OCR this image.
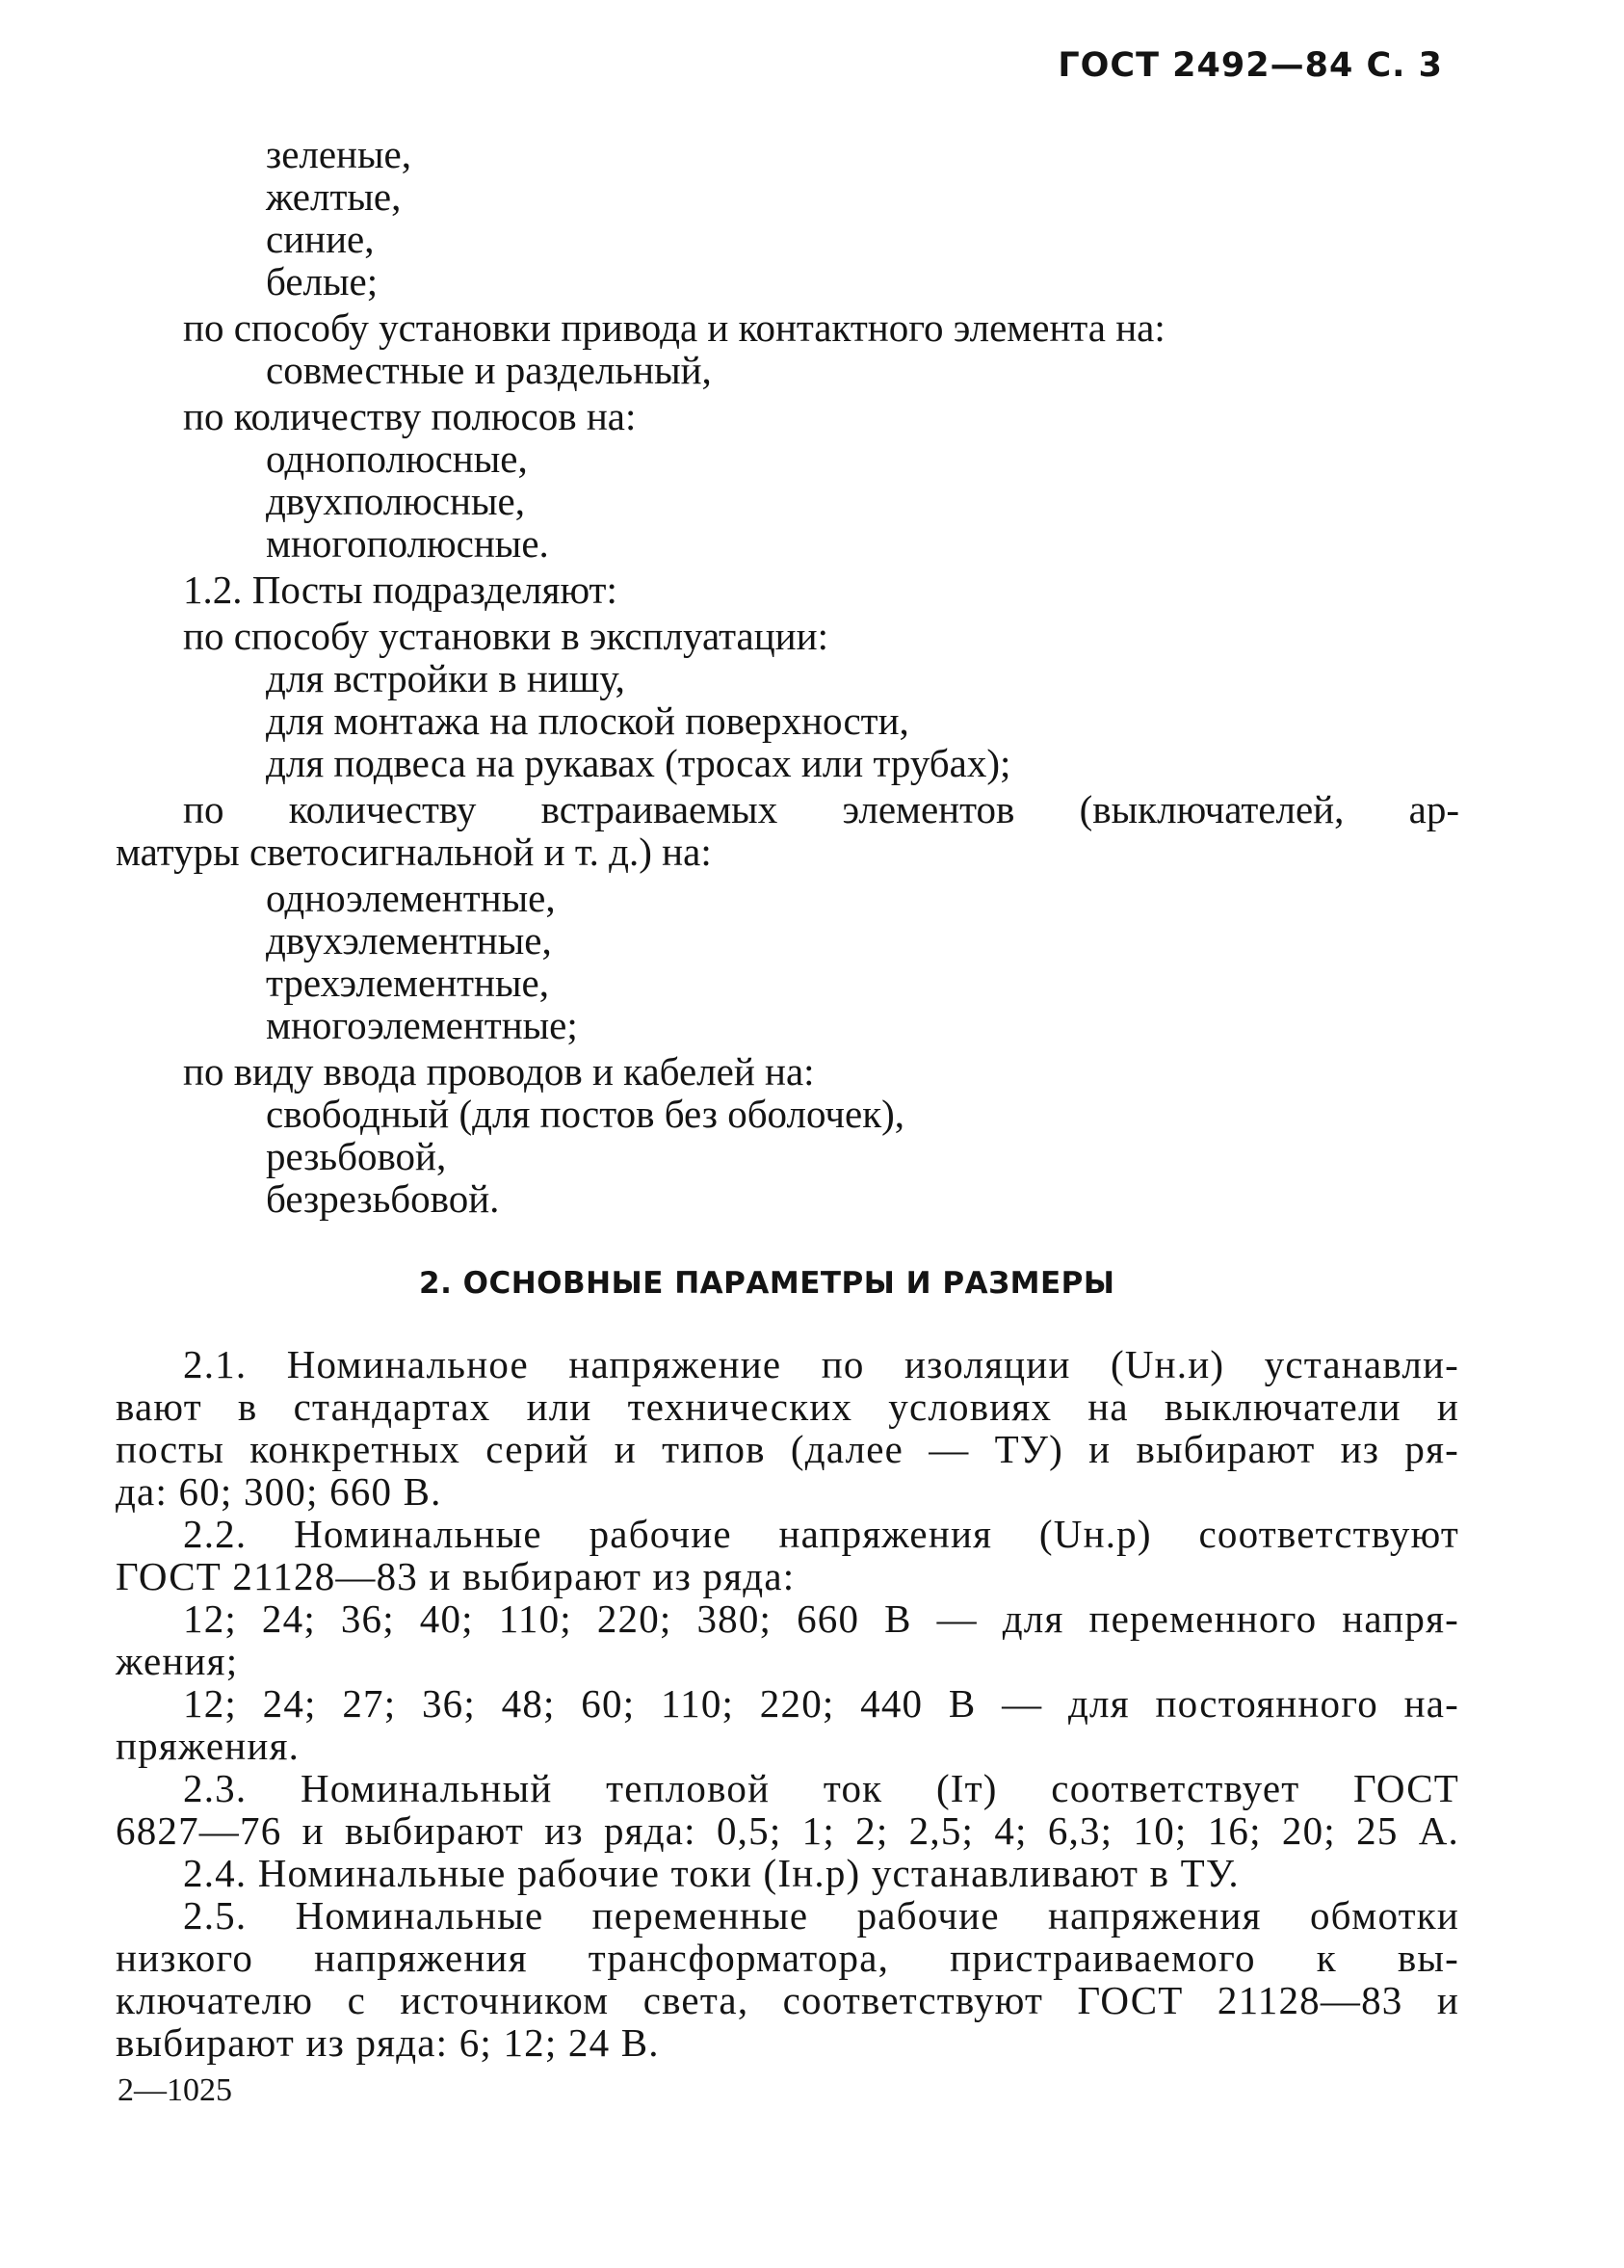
ГОСТ 2492—84 С. 3
зеленые,
желтые,
синие,
белые;
по способу установки привода и контактного элемента на:
совместные и раздельный,
по количеству полюсов на:
однополюсные,
двухполюсные,
многополюсные.
1.2. Посты подразделяют:
по способу установки в эксплуатации:
для встройки в нишу,
для монтажа на плоской поверхности,
для подвеса на рукавах (тросах или трубах);
по количеству встраиваемых элементов (выключателей, ар-
матуры светосигнальной и т. д.) на:
одноэлементные,
двухэлементные,
трехэлементные,
многоэлементные;
по виду ввода проводов и кабелей на:
свободный (для постов без оболочек),
резьбовой,
безрезьбовой.
2. ОСНОВНЫЕ ПАРАМЕТРЫ И РАЗМЕРЫ
2.1. Номинальное напряжение по изоляции (Uн.и) устанавли-
вают в стандартах или технических условиях на выключатели и
посты конкретных серий и типов (далее — ТУ) и выбирают из ря-
да: 60; 300; 660 В.
2.2. Номинальные рабочие напряжения (Uн.р) соответствуют
ГОСТ 21128—83 и выбирают из ряда:
12; 24; 36; 40; 110; 220; 380; 660 В — для переменного напря-
жения;
12; 24; 27; 36; 48; 60; 110; 220; 440 В — для постоянного на-
пряжения.
2.3. Номинальный тепловой ток (Iт) соответствует ГОСТ
6827—76 и выбирают из ряда: 0,5; 1; 2; 2,5; 4; 6,3; 10; 16; 20; 25 А.
2.4. Номинальные рабочие токи (Iн.р) устанавливают в ТУ.
2.5. Номинальные переменные рабочие напряжения обмотки
низкого напряжения трансформатора, пристраиваемого к вы-
ключателю с источником света, соответствуют ГОСТ 21128—83 и
выбирают из ряда: 6; 12; 24 В.
2—1025
